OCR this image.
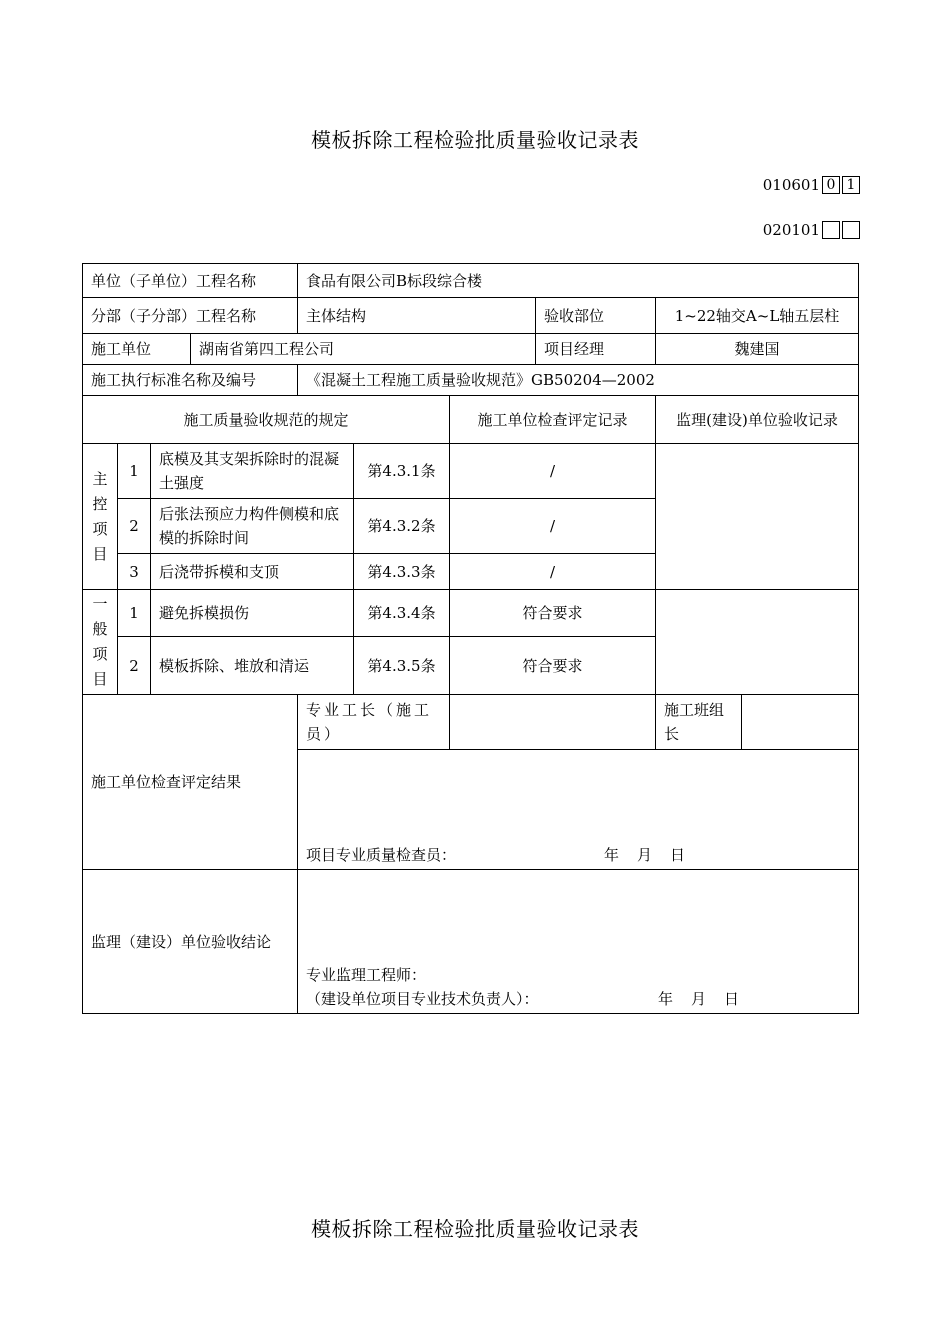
模板拆除工程检验批质量验收记录表
010601 0 1
020101
单位（子单位）工程名称				食品有限公司B标段综合楼					
分部（子分部）工程名称				主体结构			验收部位	1~22轴交A~L轴五层柱	
施工单位			湖南省第四工程公司				项目经理	魏建国	
施工执行标准名称及编号				《混凝土工程施工质量验收规范》GB50204—2002					
施工质量验收规范的规定						施工单位检查评定记录		监理(建设)单位验收记录	
主控项目	1	底模及其支架拆除时的混凝土强度			第4.3.1条	/			
	2	后张法预应力构件侧模和底模的拆除时间			第4.3.2条	/			
	3	后浇带拆模和支顶			第4.3.3条	/			
一般项目	1	避免拆模损伤			第4.3.4条	符合要求			
	2	模板拆除、堆放和清运			第4.3.5条	符合要求			
施工单位检查评定结果				专业工长（施工员）				施工班组长	

				项目专业质量检查员： 年 月 日					

监理（建设）单位验收结论				专业监理工程师：
（建设单位项目专业技术负责人）： 年 月 日					
模板拆除工程检验批质量验收记录表
